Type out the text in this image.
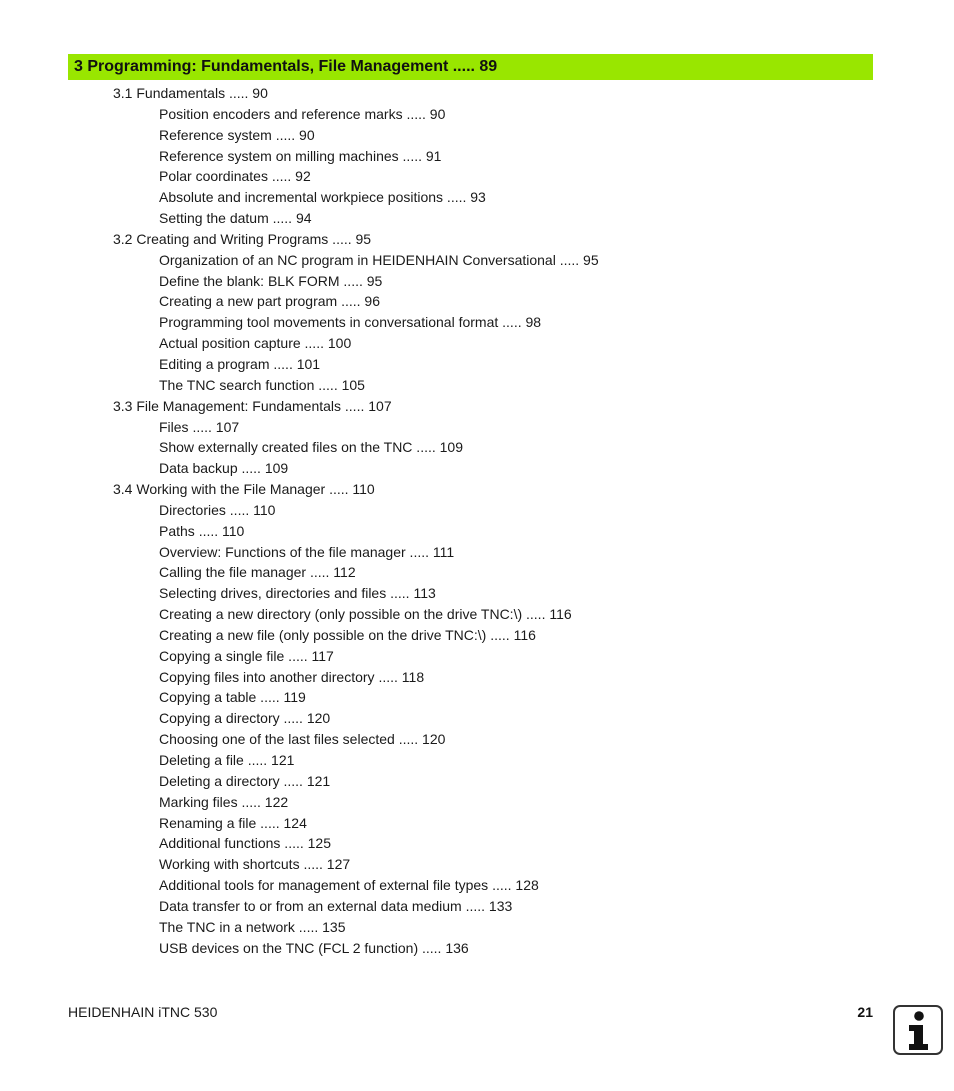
3 Programming: Fundamentals, File Management ..... 89
3.1 Fundamentals ..... 90
Position encoders and reference marks ..... 90
Reference system ..... 90
Reference system on milling machines ..... 91
Polar coordinates ..... 92
Absolute and incremental workpiece positions ..... 93
Setting the datum ..... 94
3.2 Creating and Writing Programs ..... 95
Organization of an NC program in HEIDENHAIN Conversational ..... 95
Define the blank: BLK FORM ..... 95
Creating a new part program ..... 96
Programming tool movements in conversational format ..... 98
Actual position capture ..... 100
Editing a program ..... 101
The TNC search function ..... 105
3.3 File Management: Fundamentals ..... 107
Files ..... 107
Show externally created files on the TNC ..... 109
Data backup ..... 109
3.4 Working with the File Manager ..... 110
Directories ..... 110
Paths ..... 110
Overview: Functions of the file manager ..... 111
Calling the file manager ..... 112
Selecting drives, directories and files ..... 113
Creating a new directory (only possible on the drive TNC:\) ..... 116
Creating a new file (only possible on the drive TNC:\) ..... 116
Copying a single file ..... 117
Copying files into another directory ..... 118
Copying a table ..... 119
Copying a directory ..... 120
Choosing one of the last files selected ..... 120
Deleting a file ..... 121
Deleting a directory ..... 121
Marking files ..... 122
Renaming a file ..... 124
Additional functions ..... 125
Working with shortcuts ..... 127
Additional tools for management of external file types ..... 128
Data transfer to or from an external data medium ..... 133
The TNC in a network ..... 135
USB devices on the TNC (FCL 2 function) ..... 136
HEIDENHAIN iTNC 530	21
